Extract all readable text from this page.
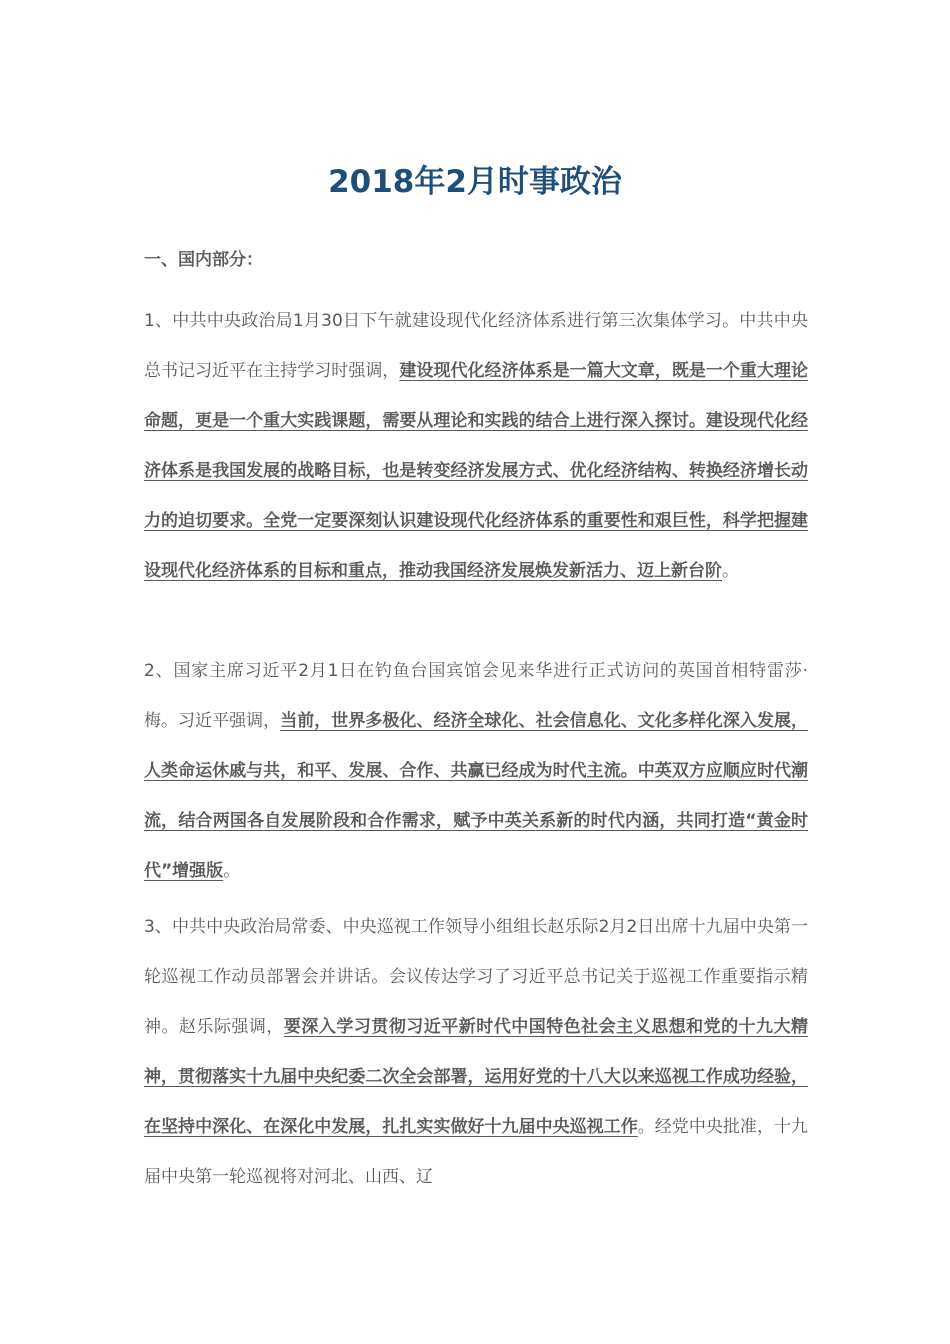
2018年2月时事政治
一、国内部分：

1、中共中央政治局1月30日下午就建设现代化经济体系进行第三次集体学习。中共中央总书记习近平在主持学习时强调，建设现代化经济体系是一篇大文章，既是一个重大理论命题，更是一个重大实践课题，需要从理论和实践的结合上进行深入探讨。建设现代化经济体系是我国发展的战略目标，也是转变经济发展方式、优化经济结构、转换经济增长动力的迫切要求。全党一定要深刻认识建设现代化经济体系的重要性和艰巨性，科学把握建设现代化经济体系的目标和重点，推动我国经济发展焕发新活力、迈上新台阶。

2、国家主席习近平2月1日在钓鱼台国宾馆会见来华进行正式访问的英国首相特雷莎·梅。习近平强调，当前，世界多极化、经济全球化、社会信息化、文化多样化深入发展，人类命运休戚与共，和平、发展、合作、共赢已经成为时代主流。中英双方应顺应时代潮流，结合两国各自发展阶段和合作需求，赋予中英关系新的时代内涵，共同打造“黄金时代”增强版。

3、中共中央政治局常委、中央巡视工作领导小组组长赵乐际2月2日出席十九届中央第一轮巡视工作动员部署会并讲话。会议传达学习了习近平总书记关于巡视工作重要指示精神。赵乐际强调，要深入学习贯彻习近平新时代中国特色社会主义思想和党的十九大精神，贯彻落实十九届中央纪委二次全会部署，运用好党的十八大以来巡视工作成功经验，在坚持中深化、在深化中发展，扎扎实实做好十九届中央巡视工作。经党中央批准，十九届中央第一轮巡视将对河北、山西、辽
